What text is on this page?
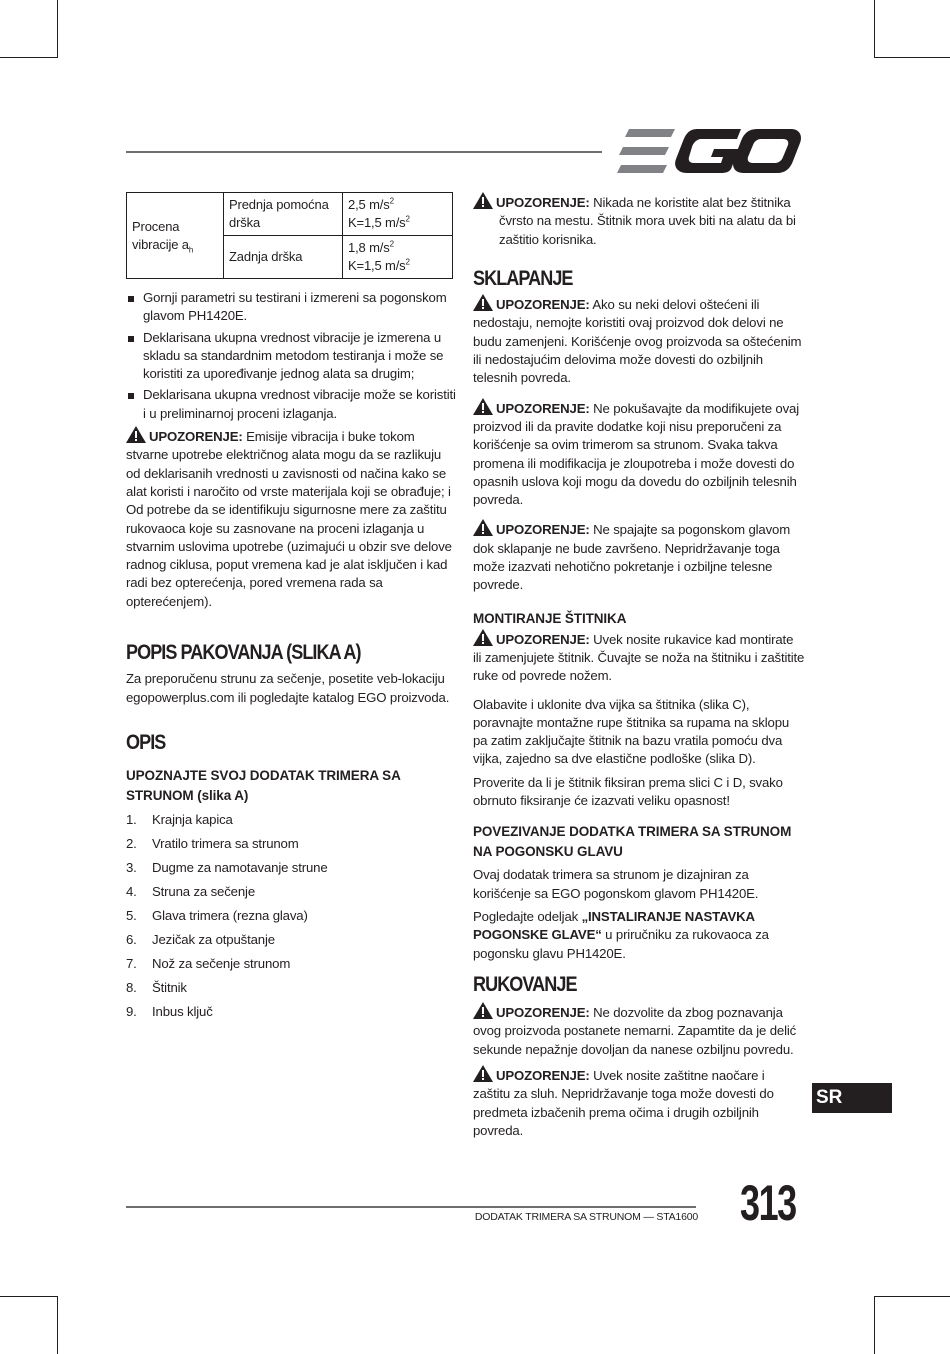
Procena vibracije $a_h$	Prednja pomoćna drška	2,5 $m/s^2$
K=1,5 $m/s^2$
	Zadnja drška	1,8 $m/s^2$
K=1,5 $m/s^2$
Gornji parametri su testirani i izmereni sa pogonskom glavom PH1420E.
Deklarisana ukupna vrednost vibracije je izmerena u skladu sa standardnim metodom testiranja i može se koristiti za upoređivanje jednog alata sa drugim;
Deklarisana ukupna vrednost vibracije može se koristiti i u preliminarnoj proceni izlaganja.

UPOZORENJE: Emisije vibracija i buke tokom stvarne upotrebe električnog alata mogu da se razlikuju od deklarisanih vrednosti u zavisnosti od načina kako se alat koristi i naročito od vrste materijala koji se obrađuje; i Od potrebe da se identifikuju sigurnosne mere za zaštitu rukovaoca koje su zasnovane na proceni izlaganja u stvarnim uslovima upotrebe (uzimajući u obzir sve delove radnog ciklusa, poput vremena kad je alat isključen i kad radi bez opterećenja, pored vremena rada sa opterećenjem).

POPIS PAKOVANJA (SLIKA A)

Za preporučenu strunu za sečenje, posetite veb-lokaciju egopowerplus.com ili pogledajte katalog EGO proizvoda.

OPIS
UPOZNAJTE SVOJ DODATAK TRIMERA SA STRUNOM (slika A)
1.	Krajnja kapica
2.	Vratilo trimera sa strunom
3.	Dugme za namotavanje strune
4.	Struna za sečenje
5.	Glava trimera (rezna glava)
6.	Jezičak za otpuštanje
7.	Nož za sečenje strunom
8.	Štitnik
9.	Inbus ključ

UPOZORENJE: Nikada ne koristite alat bez štitnika čvrsto na mestu. Štitnik mora uvek biti na alatu da bi zaštitio korisnika.

SKLAPANJE

UPOZORENJE: Ako su neki delovi oštećeni ili nedostaju, nemojte koristiti ovaj proizvod dok delovi ne budu zamenjeni. Korišćenje ovog proizvoda sa oštećenim ili nedostajućim delovima može dovesti do ozbiljnih telesnih povreda.

UPOZORENJE: Ne pokušavajte da modifikujete ovaj proizvod ili da pravite dodatke koji nisu preporučeni za korišćenje sa ovim trimerom sa strunom. Svaka takva promena ili modifikacija je zloupotreba i može dovesti do opasnih uslova koji mogu da dovedu do ozbiljnih telesnih povreda.

UPOZORENJE: Ne spajajte sa pogonskom glavom dok sklapanje ne bude završeno. Nepridržavanje toga može izazvati nehotično pokretanje i ozbiljne telesne povrede.

MONTIRANJE ŠTITNIKA

UPOZORENJE: Uvek nosite rukavice kad montirate ili zamenjujete štitnik. Čuvajte se noža na štitniku i zaštitite ruke od povrede nožem.

Olabavite i uklonite dva vijka sa štitnika (slika C), poravnajte montažne rupe štitnika sa rupama na sklopu pa zatim zaključajte štitnik na bazu vratila pomoću dva vijka, zajedno sa dve elastične podloške (slika D).

Proverite da li je štitnik fiksiran prema slici C i D, svako obrnuto fiksiranje će izazvati veliku opasnost!

POVEZIVANJE DODATKA TRIMERA SA STRUNOM NA POGONSKU GLAVU

Ovaj dodatak trimera sa strunom je dizajniran za korišćenje sa EGO pogonskom glavom PH1420E.

Pogledajte odeljak „INSTALIRANJE NASTAVKA POGONSKE GLAVE“ u priručniku za rukovaoca za pogonsku glavu PH1420E.

RUKOVANJE

UPOZORENJE: Ne dozvolite da zbog poznavanja ovog proizvoda postanete nemarni. Zapamtite da je delić sekunde nepažnje dovoljan da nanese ozbiljnu povredu.

UPOZORENJE: Uvek nosite zaštitne naočare i zaštitu za sluh. Nepridržavanje toga može dovesti do predmeta izbačenih prema očima i drugih ozbiljnih povreda.

SR
DODATAK TRIMERA SA STRUNOM — STA1600 313
